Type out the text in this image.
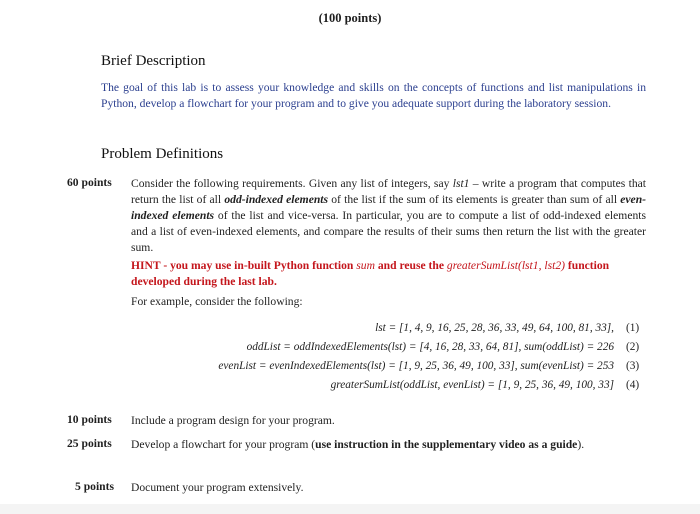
(100 points)
Brief Description
The goal of this lab is to assess your knowledge and skills on the concepts of functions and list manipulations in Python, develop a flowchart for your program and to give you adequate support during the laboratory session.
Problem Definitions
60 points Consider the following requirements. Given any list of integers, say lst1 – write a program that computes that return the list of all odd-indexed elements of the list if the sum of its elements is greater than sum of all even-indexed elements of the list and vice-versa. In particular, you are to compute a list of odd-indexed elements and a list of even-indexed elements, and compare the results of their sums then return the list with the greater sum.
HINT - you may use in-built Python function sum and reuse the greaterSumList(lst1, lst2) function developed during the last lab.
For example, consider the following:
lst = [1, 4, 9, 16, 25, 28, 36, 33, 49, 64, 100, 81, 33], (1)
oddList = oddIndexedElements(lst) = [4, 16, 28, 33, 64, 81], sum(oddList) = 226 (2)
evenList = evenIndexedElements(lst) = [1, 9, 25, 36, 49, 100, 33], sum(evenList) = 253 (3)
greaterSumList(oddList, evenList) = [1, 9, 25, 36, 49, 100, 33] (4)
10 points Include a program design for your program.
25 points Develop a flowchart for your program (use instruction in the supplementary video as a guide).
5 points Document your program extensively.
